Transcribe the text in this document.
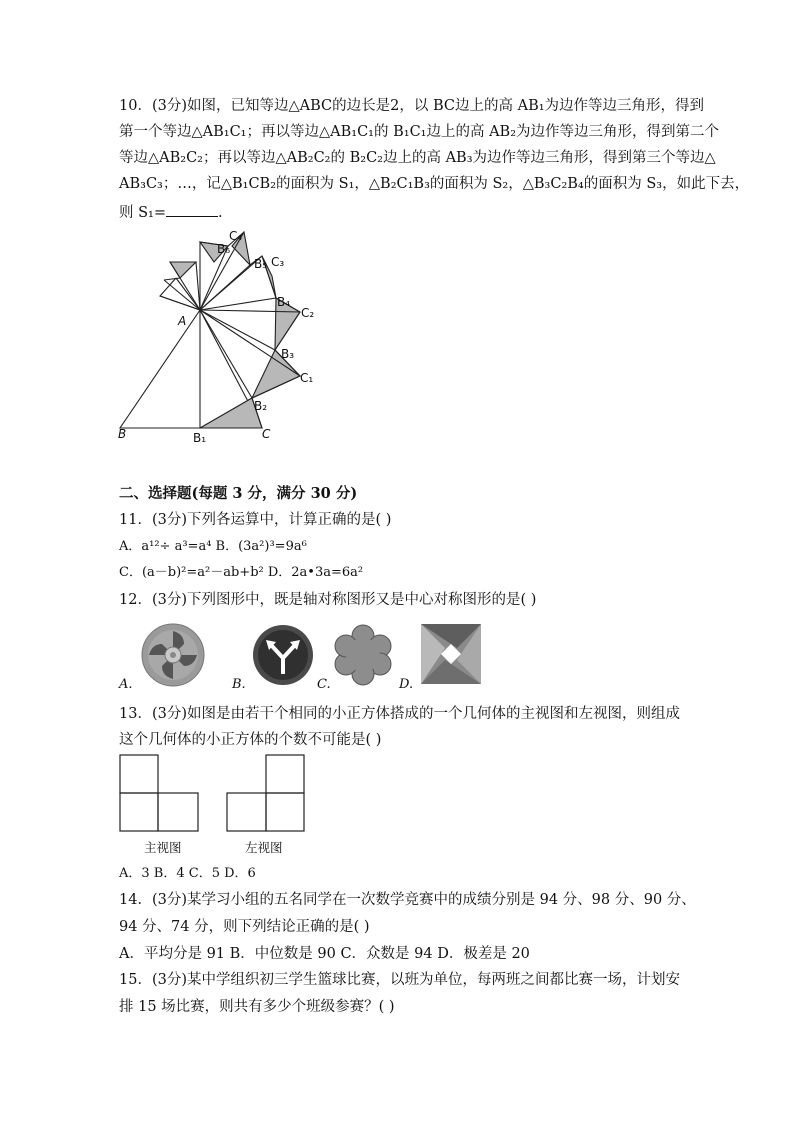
10．(3分)如图，已知等边△ABC的边长是2，以 BC边上的高 AB₁为边作等边三角形，得到
第一个等边△AB₁C₁；再以等边△AB₁C₁的 B₁C₁边上的高 AB₂为边作等边三角形，得到第二个
等边△AB₂C₂；再以等边△AB₂C₂的 B₂C₂边上的高 AB₃为边作等边三角形，得到第三个等边△
AB₃C₃；…，记△B₁CB₂的面积为 S₁，△B₂C₁B₃的面积为 S₂，△B₃C₂B₄的面积为 S₃，如此下去，
则 S₁=	.
A
B	C
B₁
B₂
B₃
B₄
B₅
B₆
C₁
C₂
C₃
C₄
二、选择题(每题 3 分，满分 30 分)
11．(3分)下列各运算中，计算正确的是( )
A．a¹²÷ a³=a⁴ B．(3a²)³=9a⁶
C．(a－b)²=a²－ab+b² D．2a•3a=6a²
12．(3分)下列图形中，既是轴对称图形又是中心对称图形的是( )
A.	B.	C.	D.
13．(3分)如图是由若干个相同的小正方体搭成的一个几何体的主视图和左视图，则组成
这个几何体的小正方体的个数不可能是( )
主视图	左视图
A．3 B．4 C．5 D．6
14．(3分)某学习小组的五名同学在一次数学竞赛中的成绩分别是 94 分、98 分、90 分、
94 分、74 分，则下列结论正确的是( )
A．平均分是 91 B．中位数是 90 C．众数是 94 D．极差是 20
15．(3分)某中学组织初三学生篮球比赛，以班为单位，每两班之间都比赛一场，计划安
排 15 场比赛，则共有多少个班级参赛？( )
